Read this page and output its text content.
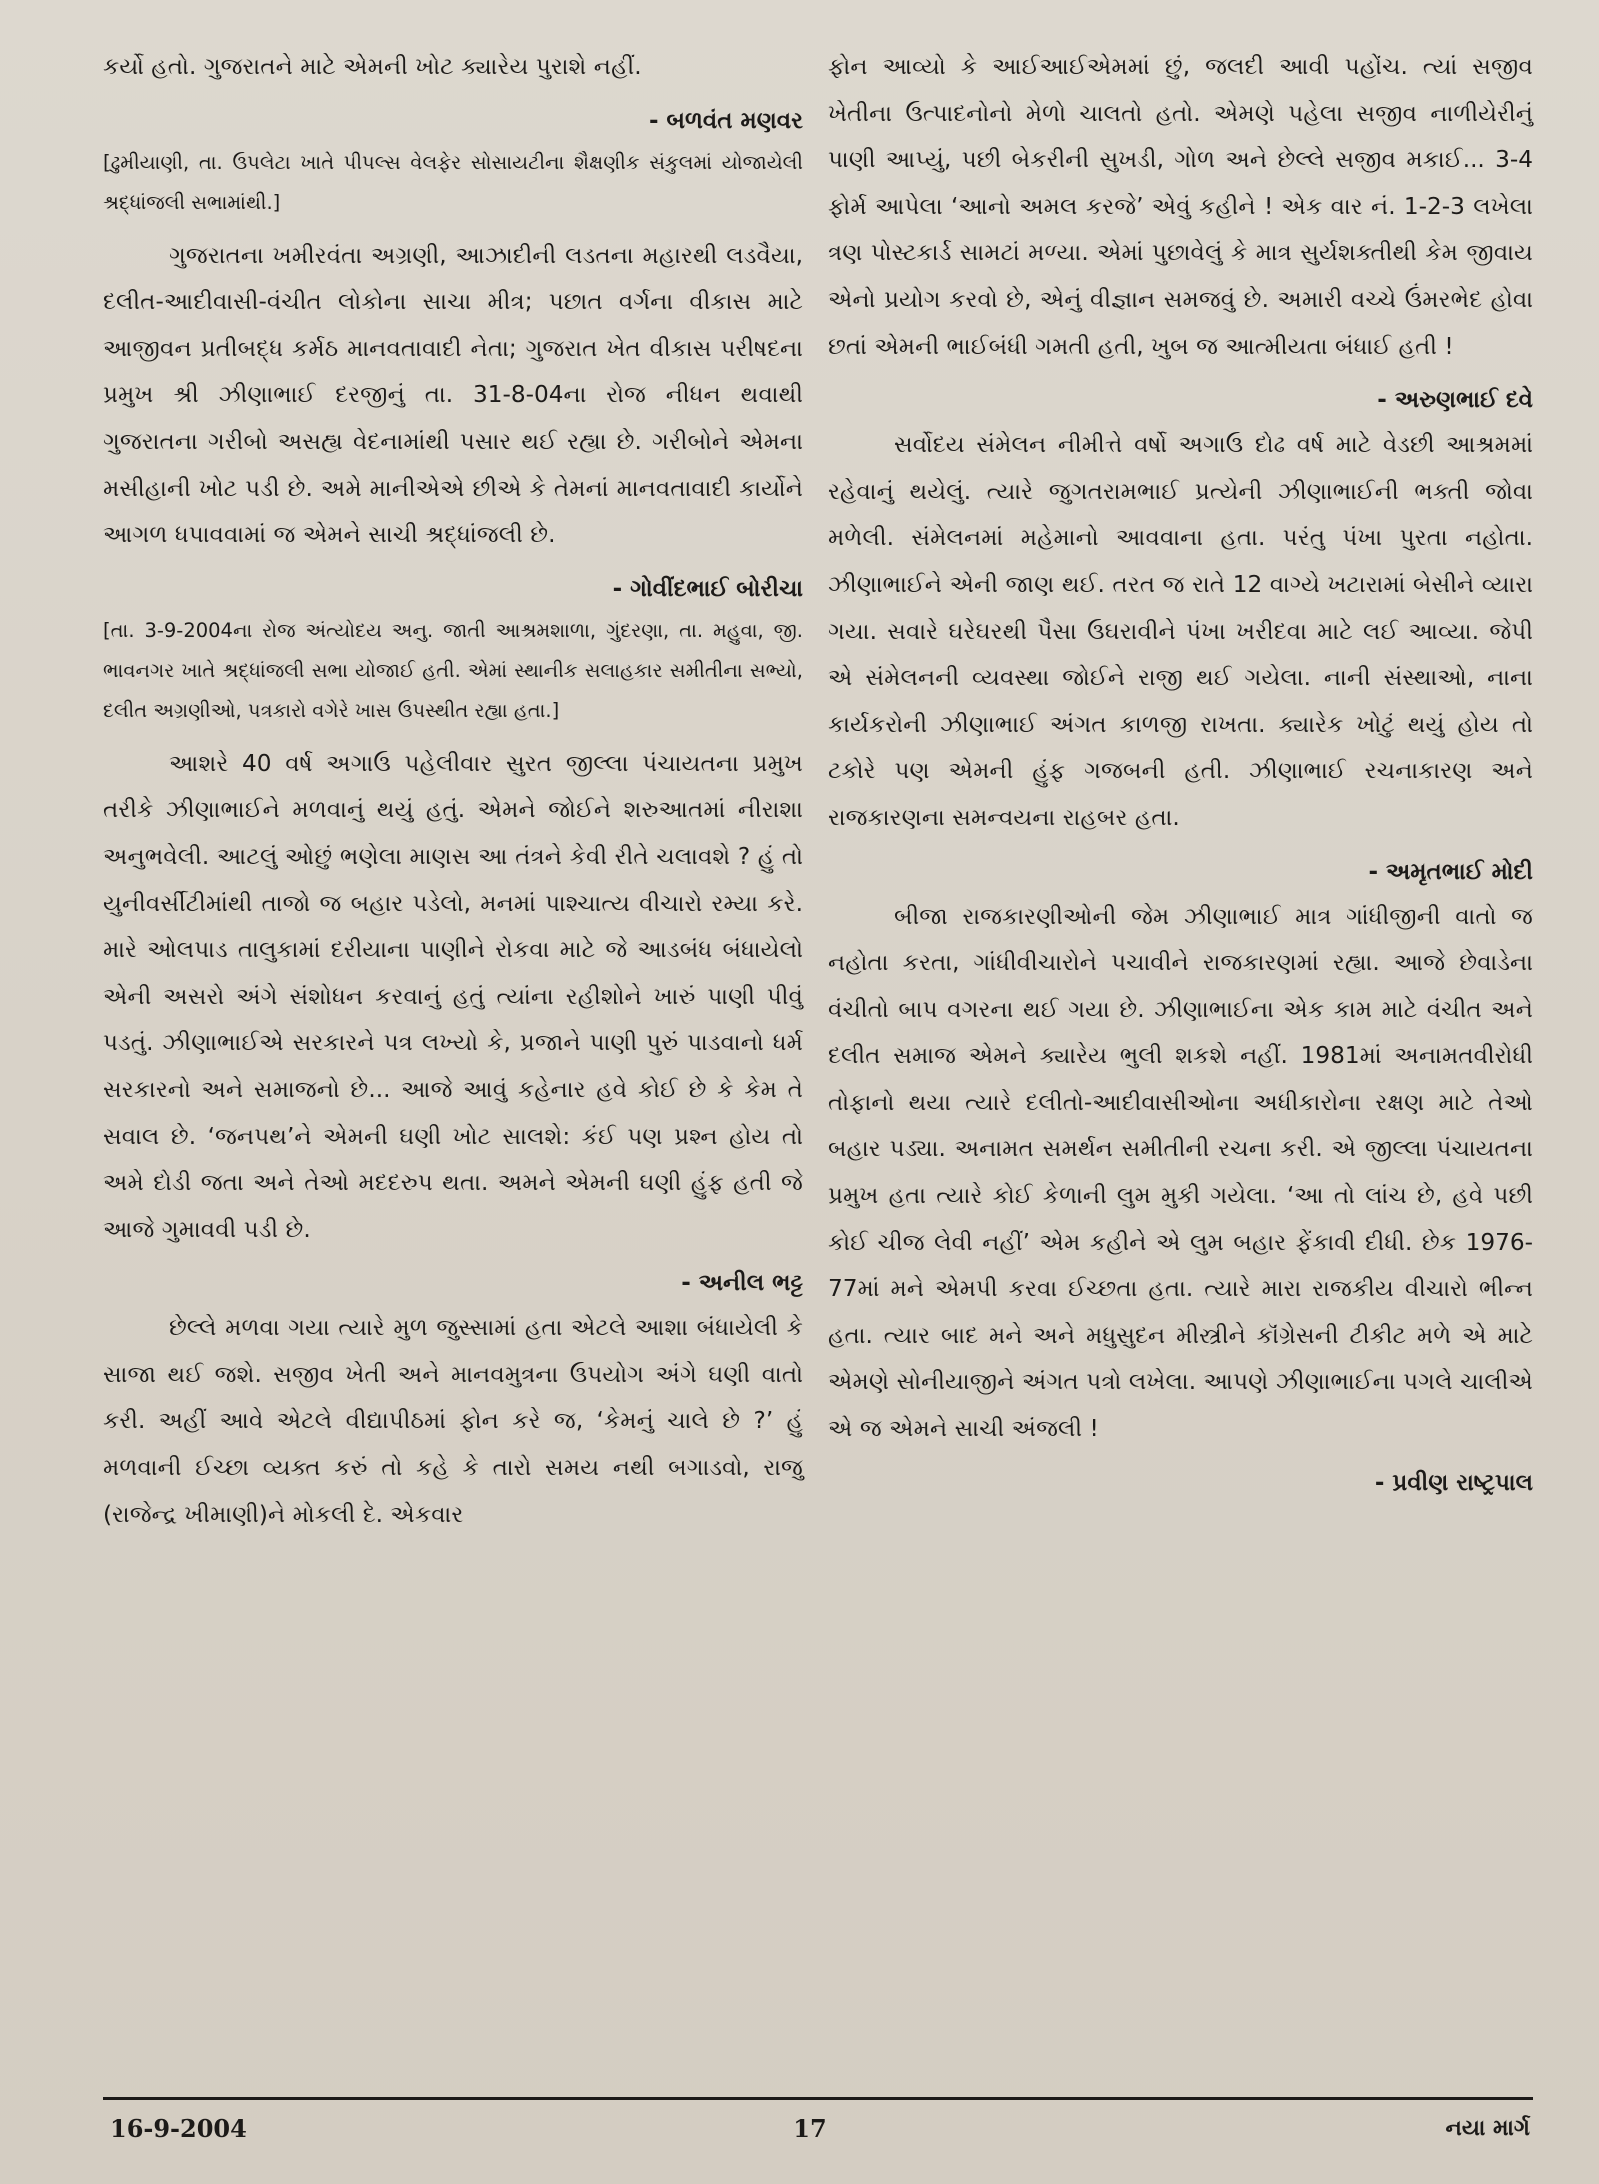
કર્યો હતો. ગુજરાતને માટે એમની ખોટ ક્યારેય પુરાશે નહીં.

- બળવંત મણવર
[ઢુમીયાણી, તા. ઉપલેટા ખાતે પીપલ્સ વેલફેર સોસાયટીના શૈક્ષણીક સંકુલમાં યોજાયેલી શ્રદ્ધાંજલી સભામાંથી.]

ગુજરાતના ખમીરવંતા અગ્રણી, આઝાદીની લડતના મહારથી લડવૈયા, દલીત-આદીવાસી-વંચીત લોકોના સાચા મીત્ર; પછાત વર્ગના વીકાસ માટે આજીવન પ્રતીબદ્ધ કર્મઠ માનવતાવાદી નેતા; ગુજરાત ખેત વીકાસ પરીષદના પ્રમુખ શ્રી ઝીણાભાઈ દરજીનું તા. 31-8-04ના રોજ નીધન થવાથી ગુજરાતના ગરીબો અસહ્ય વેદનામાંથી પસાર થઈ રહ્યા છે. ગરીબોને એમના મસીહાની ખોટ પડી છે. અમે માનીએએ છીએ કે તેમનાં માનવતાવાદી કાર્યોને આગળ ધપાવવામાં જ એમને સાચી શ્રદ્ધાંજલી છે.

- ગોવીંદભાઈ બોરીચા
[તા. 3-9-2004ના રોજ અંત્યોદય અનુ. જાતી આશ્રમશાળા, ગુંદરણા, તા. મહુવા, જી. ભાવનગર ખાતે શ્રદ્ધાંજલી સભા યોજાઈ હતી. એમાં સ્થાનીક સલાહકાર સમીતીના સભ્યો, દલીત અગ્રણીઓ, પત્રકારો વગેરે ખાસ ઉપસ્થીત રહ્યા હતા.]

આશરે 40 વર્ષ અગાઉ પહેલીવાર સુરત જીલ્લા પંચાયતના પ્રમુખ તરીકે ઝીણાભાઈને મળવાનું થયું હતું. એમને જોઈને શરુઆતમાં નીરાશા અનુભવેલી. આટલું ઓછું ભણેલા માણસ આ તંત્રને કેવી રીતે ચલાવશે ? હું તો યુનીવર્સીટીમાંથી તાજો જ બહાર પડેલો, મનમાં પાશ્ચાત્ય વીચારો રમ્યા કરે. મારે ઓલપાડ તાલુકામાં દરીયાના પાણીને રોકવા માટે જે આડબંધ બંધાયેલો એની અસરો અંગે સંશોધન કરવાનું હતું ત્યાંના રહીશોને ખારું પાણી પીવું પડતું. ઝીણાભાઈએ સરકારને પત્ર લખ્યો કે, પ્રજાને પાણી પુરું પાડવાનો ધર્મ સરકારનો અને સમાજનો છે... આજે આવું કહેનાર હવે કોઈ છે કે કેમ તે સવાલ છે. ‘જનપથ’ને એમની ઘણી ખોટ સાલશે: કંઈ પણ પ્રશ્ન હોય તો અમે દોડી જતા અને તેઓ મદદરુપ થતા. અમને એમની ઘણી હુંફ હતી જે આજે ગુમાવવી પડી છે.

- અનીલ ભટ્ટ

છેલ્લે મળવા ગયા ત્યારે મુળ જુસ્સામાં હતા એટલે આશા બંધાયેલી કે સાજા થઈ જશે. સજીવ ખેતી અને માનવમુત્રના ઉપયોગ અંગે ઘણી વાતો કરી. અહીં આવે એટલે વીદ્યાપીઠમાં ફોન કરે જ, ‘કેમનું ચાલે છે ?’ હું મળવાની ઈચ્છા વ્યક્ત કરું તો કહે કે તારો સમય નથી બગાડવો, રાજુ (રાજેન્દ્ર ખીમાણી)ને મોકલી દે. એકવાર

ફોન આવ્યો કે આઈઆઈએમમાં છું, જલદી આવી પહોંચ. ત્યાં સજીવ ખેતીના ઉત્પાદનોનો મેળો ચાલતો હતો. એમણે પહેલા સજીવ નાળીયેરીનું પાણી આપ્યું, પછી બેકરીની સુખડી, ગોળ અને છેલ્લે સજીવ મકાઈ... 3-4 ફોર્મ આપેલા ‘આનો અમલ કરજે’ એવું કહીને ! એક વાર નં. 1-2-3 લખેલા ત્રણ પોસ્ટકાર્ડ સામટાં મળ્યા. એમાં પુછાવેલું કે માત્ર સુર્યશક્તીથી કેમ જીવાય એનો પ્રયોગ કરવો છે, એનું વીજ્ઞાન સમજવું છે. અમારી વચ્ચે ઉંમરભેદ હોવા છતાં એમની ભાઈબંધી ગમતી હતી, ખુબ જ આત્મીયતા બંધાઈ હતી !

- અરુણભાઈ દવે

સર્વોદય સંમેલન નીમીત્તે વર્ષો અગાઉ દોઢ વર્ષ માટે વેડછી આશ્રમમાં રહેવાનું થયેલું. ત્યારે જુગતરામભાઈ પ્રત્યેની ઝીણાભાઈની ભક્તી જોવા મળેલી. સંમેલનમાં મહેમાનો આવવાના હતા. પરંતુ પંખા પુરતા નહોતા. ઝીણાભાઈને એની જાણ થઈ. તરત જ રાતે 12 વાગ્યે ખટારામાં બેસીને વ્યારા ગયા. સવારે ઘરેઘરથી પૈસા ઉઘરાવીને પંખા ખરીદવા માટે લઈ આવ્યા. જેપી એ સંમેલનની વ્યવસ્થા જોઈને રાજી થઈ ગયેલા. નાની સંસ્થાઓ, નાના કાર્યકરોની ઝીણાભાઈ અંગત કાળજી રાખતા. ક્યારેક ખોટું થયું હોય તો ટકોરે પણ એમની હુંફ ગજબની હતી. ઝીણાભાઈ રચનાકારણ અને રાજકારણના સમન્વયના રાહબર હતા.

- અમૃતભાઈ મોદી

બીજા રાજકારણીઓની જેમ ઝીણાભાઈ માત્ર ગાંધીજીની વાતો જ નહોતા કરતા, ગાંધીવીચારોને પચાવીને રાજકારણમાં રહ્યા. આજે છેવાડેના વંચીતો બાપ વગરના થઈ ગયા છે. ઝીણાભાઈના એક કામ માટે વંચીત અને દલીત સમાજ એમને ક્યારેય ભુલી શકશે નહીં. 1981માં અનામતવીરોધી તોફાનો થયા ત્યારે દલીતો-આદીવાસીઓના અધીકારોના રક્ષણ માટે તેઓ બહાર પડ્યા. અનામત સમર્થન સમીતીની રચના કરી. એ જીલ્લા પંચાયતના પ્રમુખ હતા ત્યારે કોઈ કેળાની લુમ મુકી ગયેલા. ‘આ તો લાંચ છે, હવે પછી કોઈ ચીજ લેવી નહીં’ એમ કહીને એ લુમ બહાર ફેંકાવી દીધી. છેક 1976-77માં મને એમપી કરવા ઈચ્છતા હતા. ત્યારે મારા રાજકીય વીચારો ભીન્ન હતા. ત્યાર બાદ મને અને મધુસુદન મીસ્ત્રીને કૉંગ્રેસની ટીકીટ મળે એ માટે એમણે સોનીયાજીને અંગત પત્રો લખેલા. આપણે ઝીણાભાઈના પગલે ચાલીએ એ જ એમને સાચી અંજલી !

- પ્રવીણ રાષ્ટ્રપાલ
16-9-2004	17	નયા માર્ગ
